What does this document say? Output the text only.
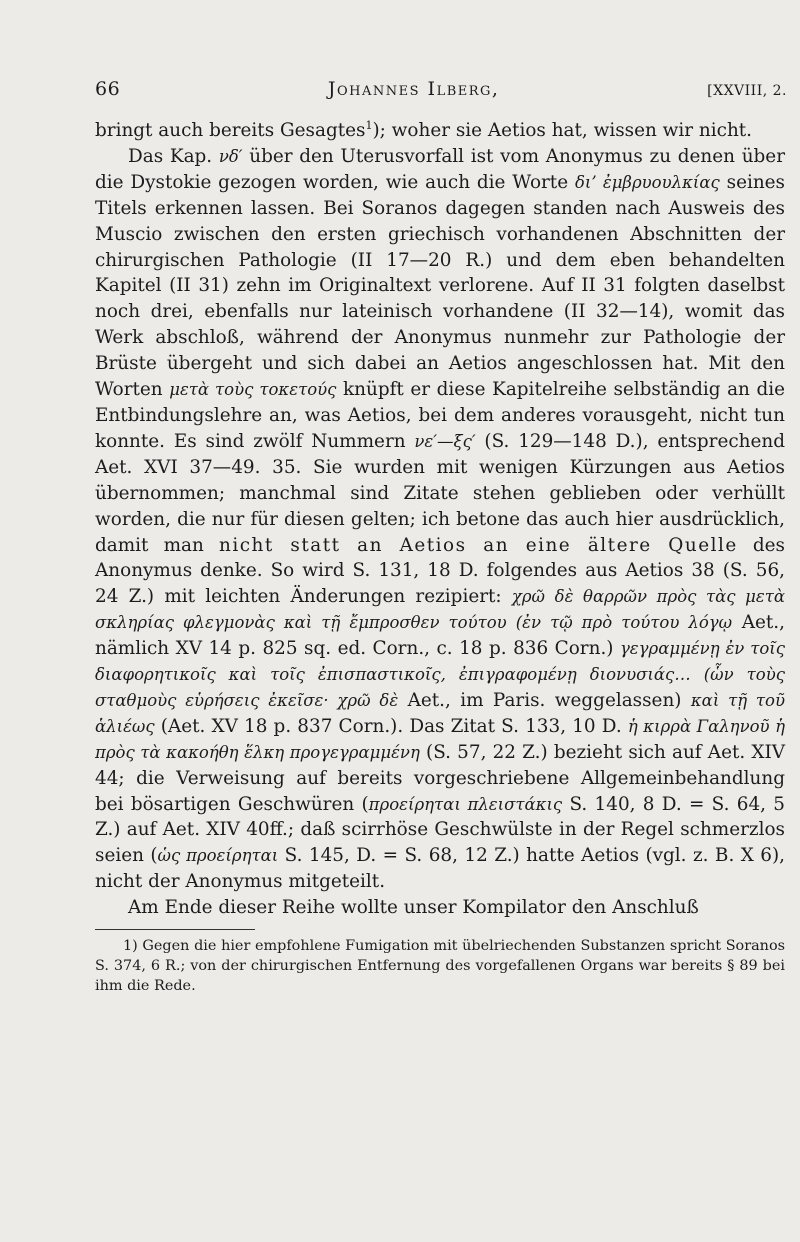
66	Johannes Ilberg,	[XXVIII, 2.

bringt auch bereits Gesagtes$^1$); woher sie Aetios hat, wissen wir nicht.

Das Kap. νδ′ über den Uterusvorfall ist vom Anonymus zu denen über die Dystokie gezogen worden, wie auch die Worte δι’ ἐμβρυουλκίας seines Titels erkennen lassen. Bei Soranos dagegen standen nach Ausweis des Muscio zwischen den ersten griechisch vorhandenen Abschnitten der chirurgischen Pathologie (II 17—20 R.) und dem eben behandelten Kapitel (II 31) zehn im Originaltext verlorene. Auf II 31 folgten daselbst noch drei, ebenfalls nur lateinisch vorhandene (II 32—14), womit das Werk abschloß, während der Anonymus nunmehr zur Pathologie der Brüste übergeht und sich dabei an Aetios angeschlossen hat. Mit den Worten μετὰ τοὺς τοκετούς knüpft er diese Kapitelreihe selbständig an die Entbindungslehre an, was Aetios, bei dem anderes vorausgeht, nicht tun konnte. Es sind zwölf Nummern νε′—ξς′ (S. 129—148 D.), entsprechend Aet. XVI 37—49. 35. Sie wurden mit wenigen Kürzungen aus Aetios übernommen; manchmal sind Zitate stehen geblieben oder verhüllt worden, die nur für diesen gelten; ich betone das auch hier ausdrücklich, damit man nicht statt an Aetios an eine ältere Quelle des Anonymus denke. So wird S. 131, 18 D. folgendes aus Aetios 38 (S. 56, 24 Z.) mit leichten Änderungen rezipiert: χρῶ δὲ θαρρῶν πρὸς τὰς μετὰ σκληρίας φλεγμονὰς καὶ τῇ ἔμπροσθεν τούτου (ἐν τῷ πρὸ τούτου λόγῳ Aet., nämlich XV 14 p. 825 sq. ed. Corn., c. 18 p. 836 Corn.) γεγραμμένῃ ἐν τοῖς διαφορητικοῖς καὶ τοῖς ἐπισπαστικοῖς, ἐπιγραφομένῃ διονυσιάς… (ὧν τοὺς σταθμοὺς εὑρήσεις ἐκεῖσε· χρῶ δὲ Aet., im Paris. weggelassen) καὶ τῇ τοῦ ἁλιέως (Aet. XV 18 p. 837 Corn.). Das Zitat S. 133, 10 D. ἡ κιρρὰ Γαληνοῦ ἡ πρὸς τὰ κακοήθη ἕλκη προγεγραμμένη (S. 57, 22 Z.) bezieht sich auf Aet. XIV 44; die Verweisung auf bereits vorgeschriebene Allgemeinbehandlung bei bösartigen Geschwüren (προείρηται πλειστάκις S. 140, 8 D. = S. 64, 5 Z.) auf Aet. XIV 40ff.; daß scirrhöse Geschwülste in der Regel schmerzlos seien (ὡς προείρηται S. 145, D. = S. 68, 12 Z.) hatte Aetios (vgl. z. B. X 6), nicht der Anonymus mitgeteilt.

Am Ende dieser Reihe wollte unser Kompilator den Anschluß

1) Gegen die hier empfohlene Fumigation mit übelriechenden Substanzen spricht Soranos S. 374, 6 R.; von der chirurgischen Entfernung des vorgefallenen Organs war bereits § 89 bei ihm die Rede.
